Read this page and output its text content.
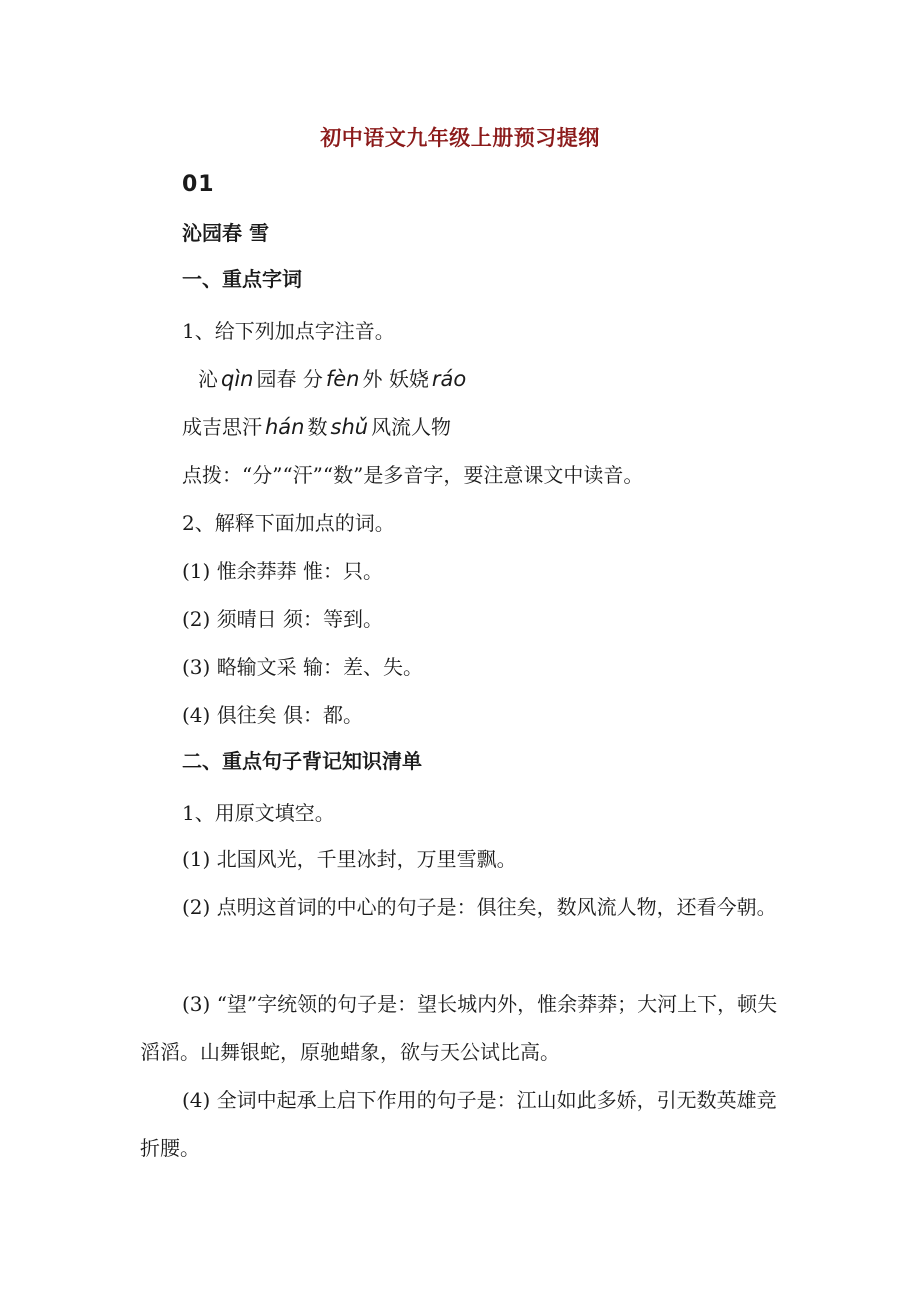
初中语文九年级上册预习提纲
01
沁园春 雪
一、重点字词
1、给下列加点字注音。
沁 qìn 园春 分 fèn 外 妖娆 ráo
成吉思汗 hán 数 shǔ 风流人物
点拨：“分”“汗”“数”是多音字，要注意课文中读音。
2、解释下面加点的词。
(1) 惟余莽莽 惟：只。
(2) 须晴日 须：等到。
(3) 略输文采 输：差、失。
(4) 俱往矣 俱：都。
二、重点句子背记知识清单
1、用原文填空。
(1) 北国风光，千里冰封，万里雪飘。
(2) 点明这首词的中心的句子是：俱往矣，数风流人物，还看今朝。
(3) “望”字统领的句子是：望长城内外，惟余莽莽；大河上下，顿失滔滔。山舞银蛇，原驰蜡象，欲与天公试比高。
(4) 全词中起承上启下作用的句子是：江山如此多娇，引无数英雄竞折腰。
